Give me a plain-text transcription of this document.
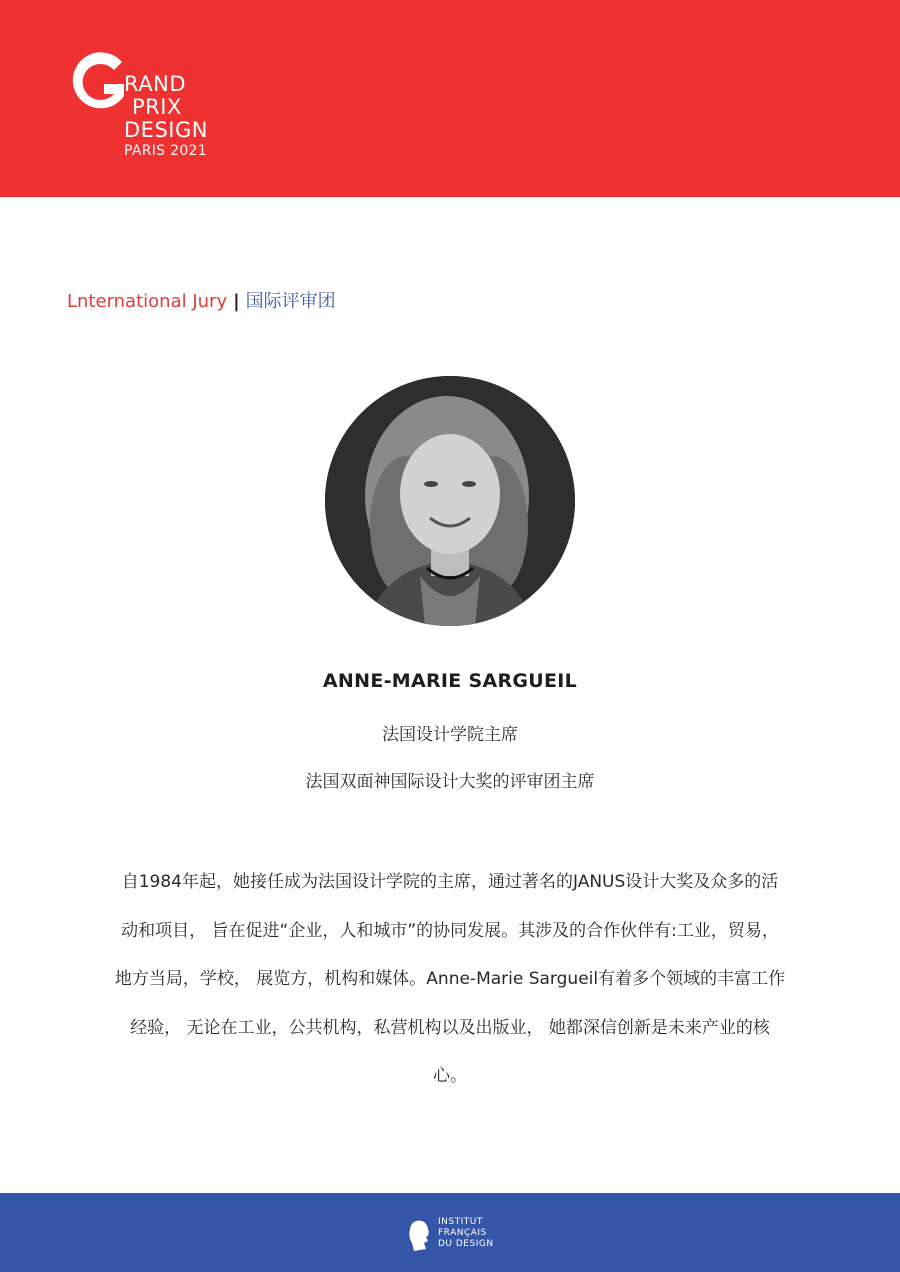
RAND
PRIX
DESIGN
PARIS 2021
Lnternational Jury | 国际评审团
ANNE-MARIE SARGUEIL
法国设计学院主席
法国双面神国际设计大奖的评审团主席
自1984年起，她接任成为法国设计学院的主席，通过著名的JANUS设计大奖及众多的活
动和项目， 旨在促进“企业，人和城市”的协同发展。其涉及的合作伙伴有:工业，贸易，
地方当局，学校， 展览方，机构和媒体。Anne-Marie Sargueil有着多个领域的丰富工作
经验， 无论在工业，公共机构，私营机构以及出版业， 她都深信创新是未来产业的核
心。
INSTITUT
FRANÇAIS
DU DESIGN
